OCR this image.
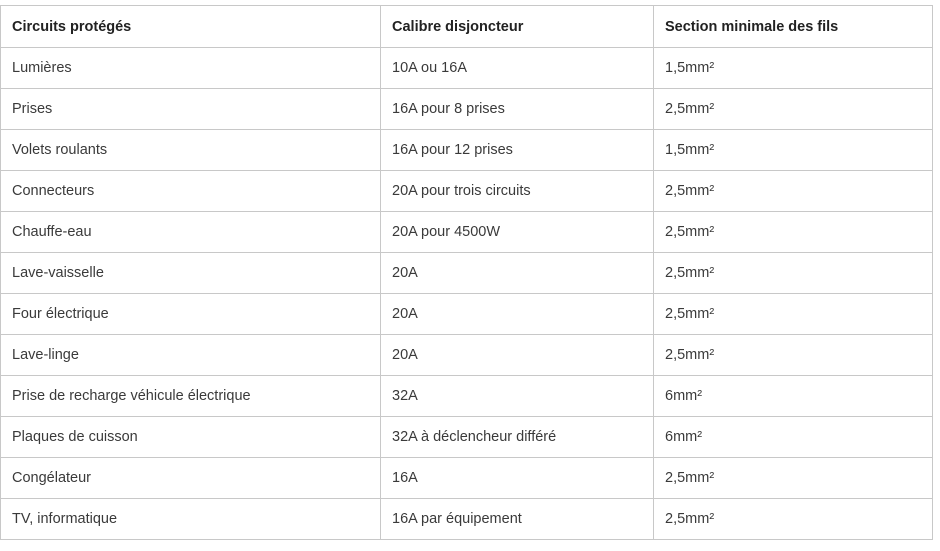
Circuits protégés	Calibre disjoncteur	Section minimale des fils
Lumières	10A ou 16A	1,5mm²
Prises	16A pour 8 prises	2,5mm²
Volets roulants	16A pour 12 prises	1,5mm²
Connecteurs	20A pour trois circuits	2,5mm²
Chauffe-eau	20A pour 4500W	2,5mm²
Lave-vaisselle	20A	2,5mm²
Four électrique	20A	2,5mm²
Lave-linge	20A	2,5mm²
Prise de recharge véhicule électrique	32A	6mm²
Plaques de cuisson	32A à déclencheur différé	6mm²
Congélateur	16A	2,5mm²
TV, informatique	16A par équipement	2,5mm²
